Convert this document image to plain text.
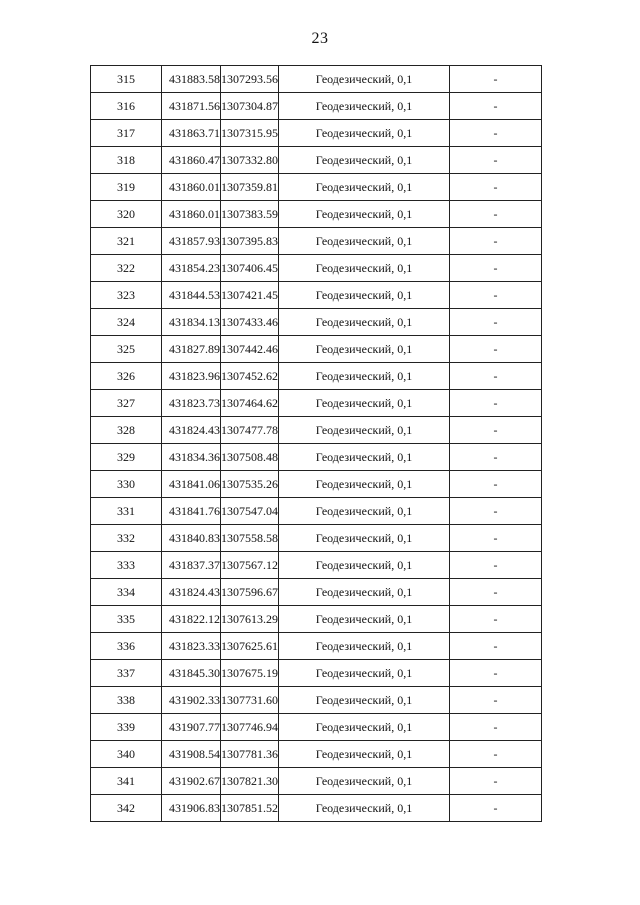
23
315	431883.58	1307293.56	Геодезический, 0,1	-
316	431871.56	1307304.87	Геодезический, 0,1	-
317	431863.71	1307315.95	Геодезический, 0,1	-
318	431860.47	1307332.80	Геодезический, 0,1	-
319	431860.01	1307359.81	Геодезический, 0,1	-
320	431860.01	1307383.59	Геодезический, 0,1	-
321	431857.93	1307395.83	Геодезический, 0,1	-
322	431854.23	1307406.45	Геодезический, 0,1	-
323	431844.53	1307421.45	Геодезический, 0,1	-
324	431834.13	1307433.46	Геодезический, 0,1	-
325	431827.89	1307442.46	Геодезический, 0,1	-
326	431823.96	1307452.62	Геодезический, 0,1	-
327	431823.73	1307464.62	Геодезический, 0,1	-
328	431824.43	1307477.78	Геодезический, 0,1	-
329	431834.36	1307508.48	Геодезический, 0,1	-
330	431841.06	1307535.26	Геодезический, 0,1	-
331	431841.76	1307547.04	Геодезический, 0,1	-
332	431840.83	1307558.58	Геодезический, 0,1	-
333	431837.37	1307567.12	Геодезический, 0,1	-
334	431824.43	1307596.67	Геодезический, 0,1	-
335	431822.12	1307613.29	Геодезический, 0,1	-
336	431823.33	1307625.61	Геодезический, 0,1	-
337	431845.30	1307675.19	Геодезический, 0,1	-
338	431902.33	1307731.60	Геодезический, 0,1	-
339	431907.77	1307746.94	Геодезический, 0,1	-
340	431908.54	1307781.36	Геодезический, 0,1	-
341	431902.67	1307821.30	Геодезический, 0,1	-
342	431906.83	1307851.52	Геодезический, 0,1	-
